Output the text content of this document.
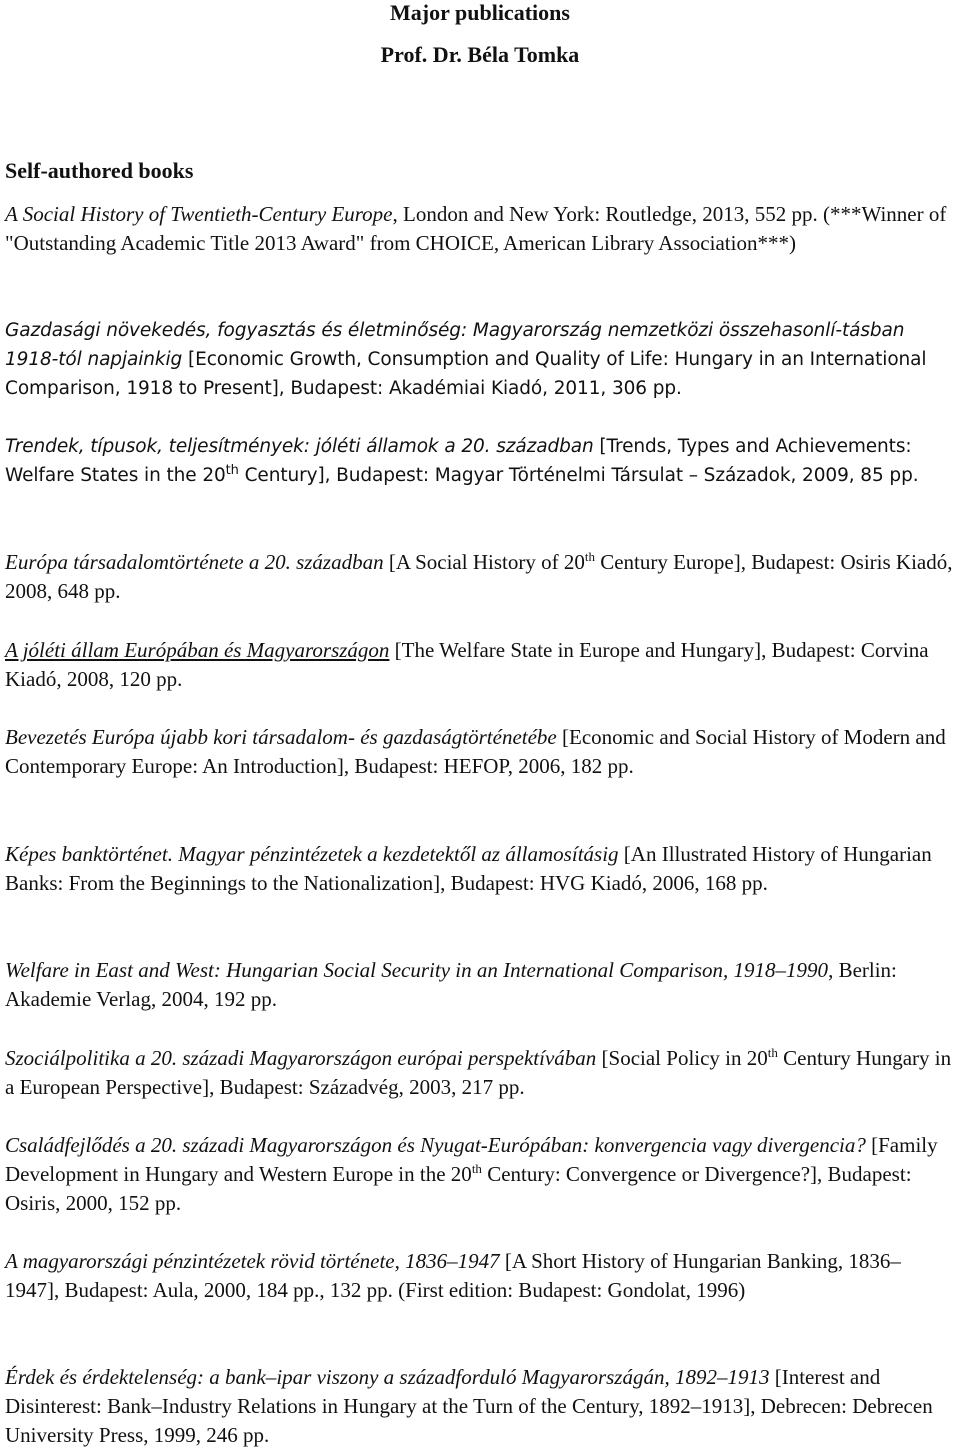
Major publications
Prof. Dr. Béla Tomka
Self-authored books

A Social History of Twentieth-Century Europe, London and New York: Routledge, 2013, 552 pp. (***Winner of "Outstanding Academic Title 2013 Award" from CHOICE, American Library Association***)

Gazdasági növekedés, fogyasztás és életminőség: Magyarország nemzetközi összehasonlí-tásban 1918-tól napjainkig [Economic Growth, Consumption and Quality of Life: Hungary in an International Comparison, 1918 to Present], Budapest: Akadémiai Kiadó, 2011, 306 pp.

Trendek, típusok, teljesítmények: jóléti államok a 20. században [Trends, Types and Achievements: Welfare States in the 20th Century], Budapest: Magyar Történelmi Társulat – Századok, 2009, 85 pp.

Európa társadalomtörténete a 20. században [A Social History of 20th Century Europe], Budapest: Osiris Kiadó, 2008, 648 pp.

A jóléti állam Európában és Magyarországon [The Welfare State in Europe and Hungary], Budapest: Corvina Kiadó, 2008, 120 pp.

Bevezetés Európa újabb kori társadalom- és gazdaságtörténetébe [Economic and Social History of Modern and Contemporary Europe: An Introduction], Budapest: HEFOP, 2006, 182 pp.

Képes banktörténet. Magyar pénzintézetek a kezdetektől az államosításig [An Illustrated History of Hungarian Banks: From the Beginnings to the Nationalization], Budapest: HVG Kiadó, 2006, 168 pp.

Welfare in East and West: Hungarian Social Security in an International Comparison, 1918–1990, Berlin: Akademie Verlag, 2004, 192 pp.

Szociálpolitika a 20. századi Magyarországon európai perspektívában [Social Policy in 20th Century Hungary in a European Perspective], Budapest: Századvég, 2003, 217 pp.

Családfejlődés a 20. századi Magyarországon és Nyugat-Európában: konvergencia vagy divergencia? [Family Development in Hungary and Western Europe in the 20th Century: Convergence or Divergence?], Budapest: Osiris, 2000, 152 pp.

A magyarországi pénzintézetek rövid története, 1836–1947 [A Short History of Hungarian Banking, 1836–1947], Budapest: Aula, 2000, 184 pp., 132 pp. (First edition: Budapest: Gondolat, 1996)

Érdek és érdektelenség: a bank–ipar viszony a századforduló Magyarországán, 1892–1913 [Interest and Disinterest: Bank–Industry Relations in Hungary at the Turn of the Century, 1892–1913], Debrecen: Debrecen University Press, 1999, 246 pp.
